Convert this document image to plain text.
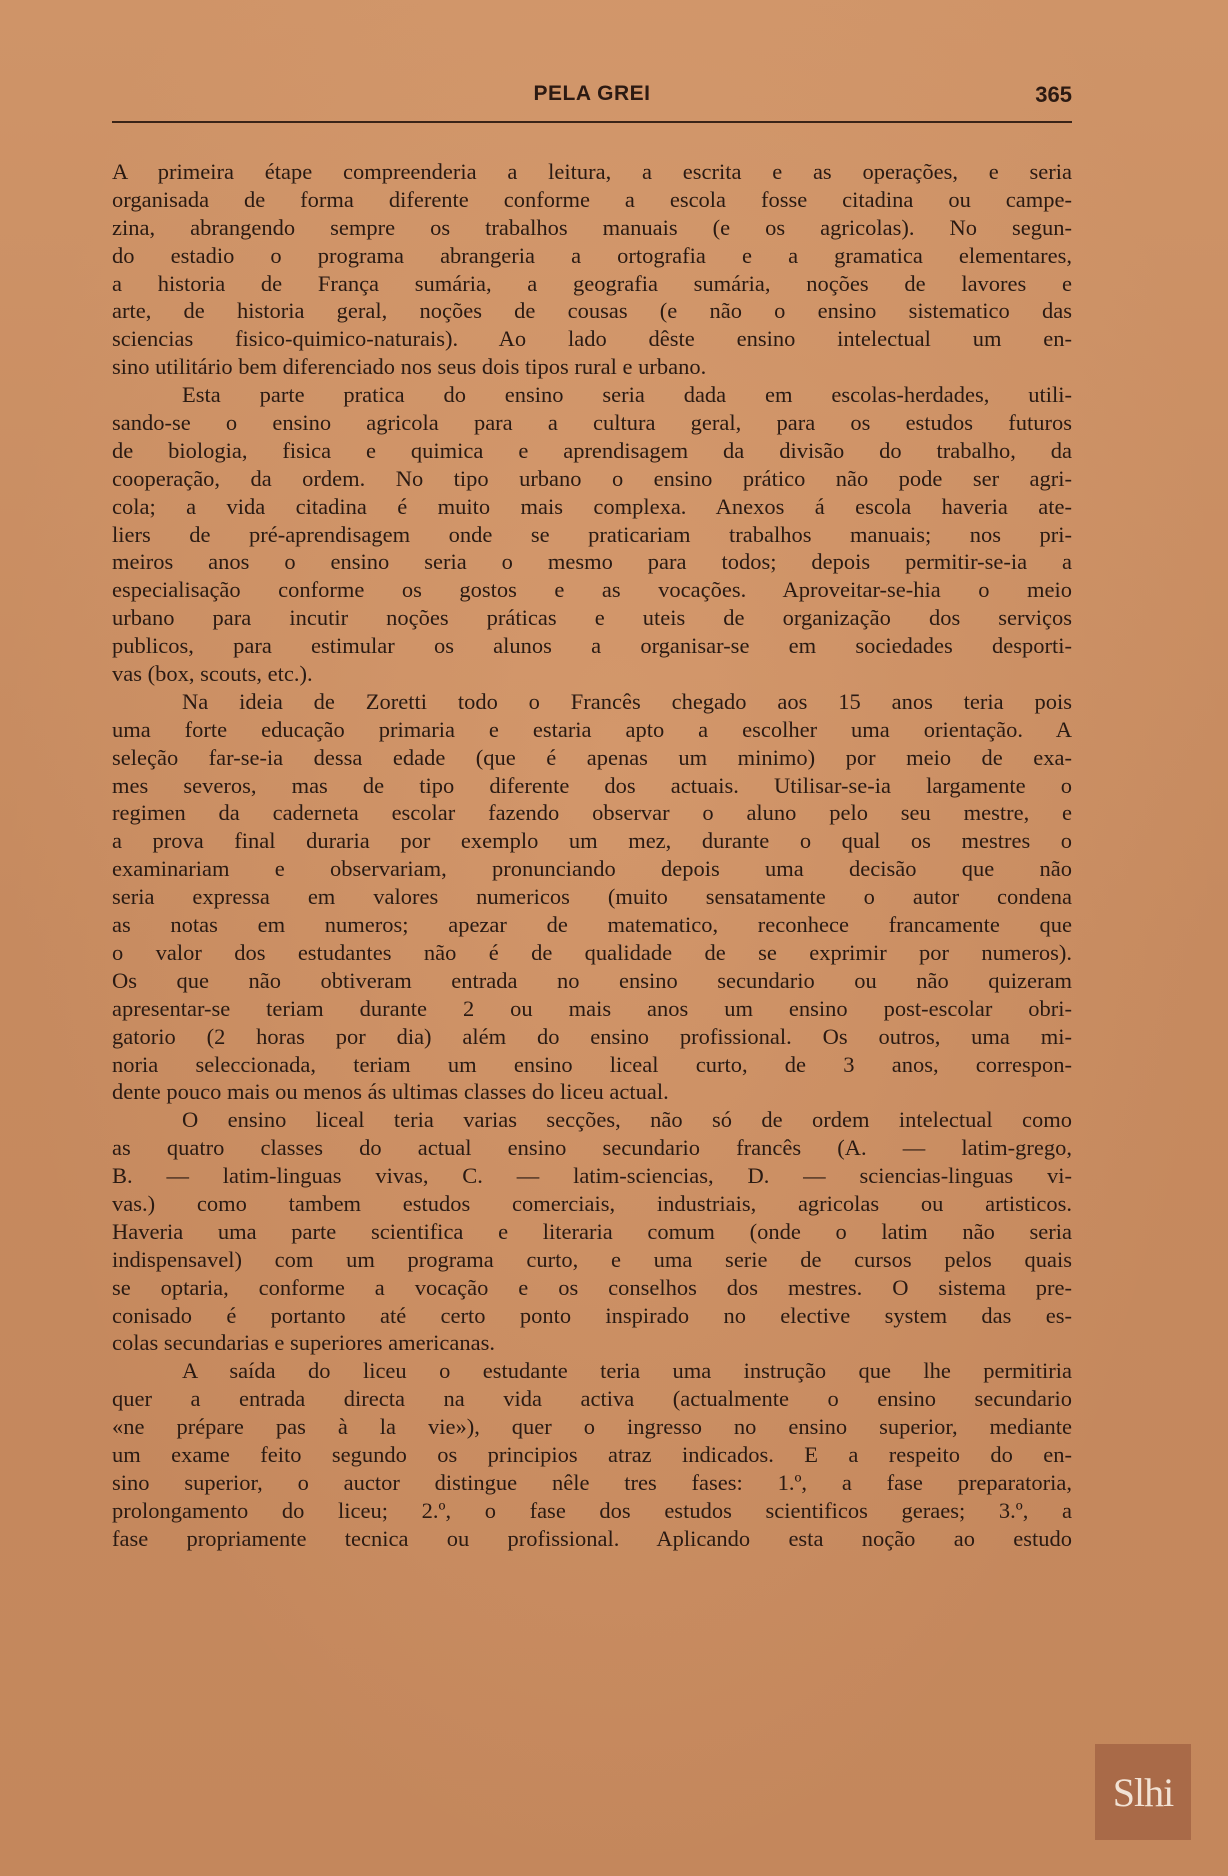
PELA GREI	365
A primeira étape compreenderia a leitura, a escrita e as operações, e seria
organisada de forma diferente conforme a escola fosse citadina ou campe-
zina, abrangendo sempre os trabalhos manuais (e os agricolas). No segun-
do estadio o programa abrangeria a ortografia e a gramatica elementares,
a historia de França sumária, a geografia sumária, noções de lavores e
arte, de historia geral, noções de cousas (e não o ensino sistematico das
sciencias fisico-quimico-naturais). Ao lado dêste ensino intelectual um en-
sino utilitário bem diferenciado nos seus dois tipos rural e urbano.
Esta parte pratica do ensino seria dada em escolas-herdades, utili-
sando-se o ensino agricola para a cultura geral, para os estudos futuros
de biologia, fisica e quimica e aprendisagem da divisão do trabalho, da
cooperação, da ordem. No tipo urbano o ensino prático não pode ser agri-
cola; a vida citadina é muito mais complexa. Anexos á escola haveria ate-
liers de pré-aprendisagem onde se praticariam trabalhos manuais; nos pri-
meiros anos o ensino seria o mesmo para todos; depois permitir-se-ia a
especialisação conforme os gostos e as vocações. Aproveitar-se-hia o meio
urbano para incutir noções práticas e uteis de organização dos serviços
publicos, para estimular os alunos a organisar-se em sociedades desporti-
vas (box, scouts, etc.).
Na ideia de Zoretti todo o Francês chegado aos 15 anos teria pois
uma forte educação primaria e estaria apto a escolher uma orientação. A
seleção far-se-ia dessa edade (que é apenas um minimo) por meio de exa-
mes severos, mas de tipo diferente dos actuais. Utilisar-se-ia largamente o
regimen da caderneta escolar fazendo observar o aluno pelo seu mestre, e
a prova final duraria por exemplo um mez, durante o qual os mestres o
examinariam e observariam, pronunciando depois uma decisão que não
seria expressa em valores numericos (muito sensatamente o autor condena
as notas em numeros; apezar de matematico, reconhece francamente que
o valor dos estudantes não é de qualidade de se exprimir por numeros).
Os que não obtiveram entrada no ensino secundario ou não quizeram
apresentar-se teriam durante 2 ou mais anos um ensino post-escolar obri-
gatorio (2 horas por dia) além do ensino profissional. Os outros, uma mi-
noria seleccionada, teriam um ensino liceal curto, de 3 anos, correspon-
dente pouco mais ou menos ás ultimas classes do liceu actual.
O ensino liceal teria varias secções, não só de ordem intelectual como
as quatro classes do actual ensino secundario francês (A. — latim-grego,
B. — latim-linguas vivas, C. — latim-sciencias, D. — sciencias-linguas vi-
vas.) como tambem estudos comerciais, industriais, agricolas ou artisticos.
Haveria uma parte scientifica e literaria comum (onde o latim não seria
indispensavel) com um programa curto, e uma serie de cursos pelos quais
se optaria, conforme a vocação e os conselhos dos mestres. O sistema pre-
conisado é portanto até certo ponto inspirado no elective system das es-
colas secundarias e superiores americanas.
A saída do liceu o estudante teria uma instrução que lhe permitiria
quer a entrada directa na vida activa (actualmente o ensino secundario
«ne prépare pas à la vie»), quer o ingresso no ensino superior, mediante
um exame feito segundo os principios atraz indicados. E a respeito do en-
sino superior, o auctor distingue nêle tres fases: 1.º, a fase preparatoria,
prolongamento do liceu; 2.º, o fase dos estudos scientificos geraes; 3.º, a
fase propriamente tecnica ou profissional. Aplicando esta noção ao estudo
Slhi
